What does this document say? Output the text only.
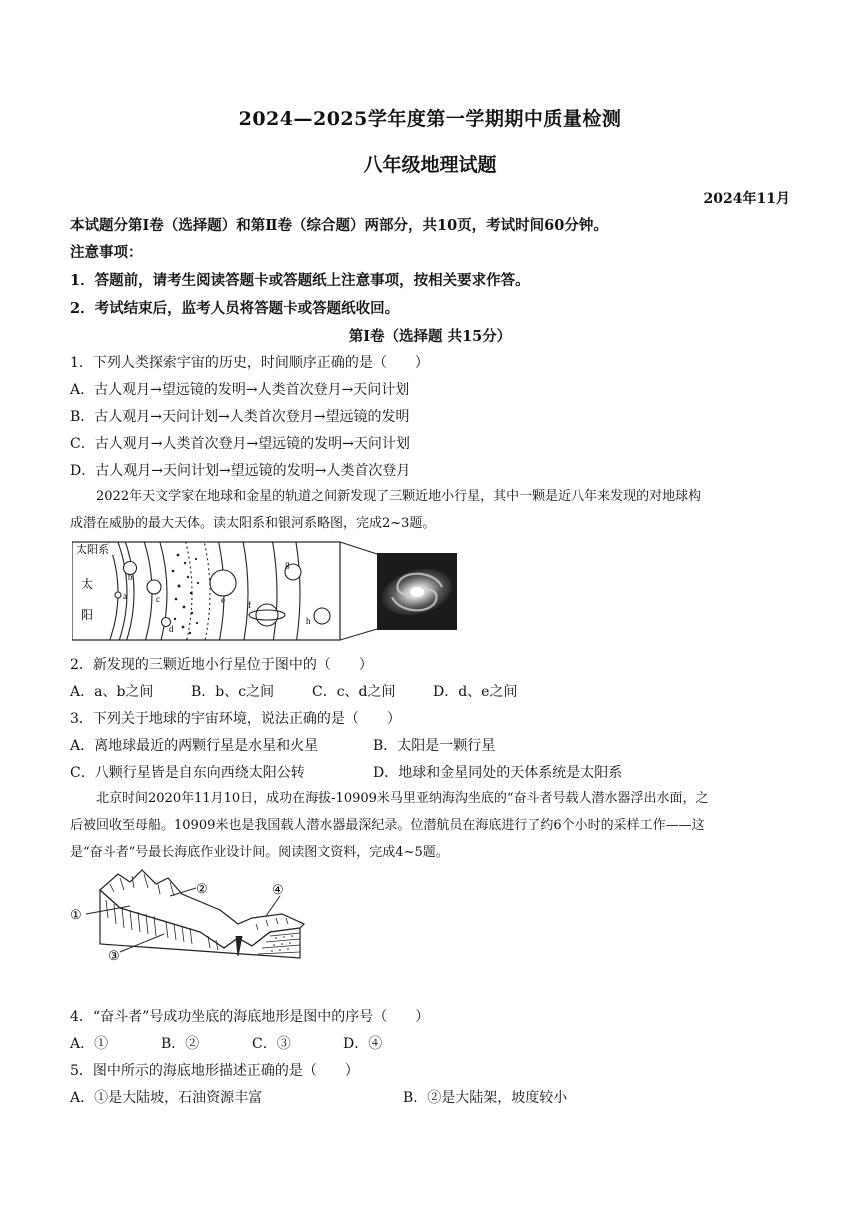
2024—2025学年度第一学期期中质量检测
八年级地理试题
2024年11月
本试题分第Ⅰ卷（选择题）和第Ⅱ卷（综合题）两部分，共10页，考试时间60分钟。
注意事项：
1．答题前，请考生阅读答题卡或答题纸上注意事项，按相关要求作答。
2．考试结束后，监考人员将答题卡或答题纸收回。
第Ⅰ卷（选择题 共15分）
1．下列人类探索宇宙的历史，时间顺序正确的是（　　）
A．古人观月→望远镜的发明→人类首次登月→天问计划
B．古人观月→天问计划→人类首次登月→望远镜的发明
C．古人观月→人类首次登月→望远镜的发明→天问计划
D．古人观月→天问计划→望远镜的发明→人类首次登月
2022年天文学家在地球和金星的轨道之间新发现了三颗近地小行星，其中一颗是近八年来发现的对地球构
成潜在威胁的最大天体。读太阳系和银河系略图，完成2~3题。
太阳系
太
阳
a
b
c
d
e	f
g
h
2．新发现的三颗近地小行星位于图中的（　　）
A．a、b之间	B．b、c之间	C．c、d之间	D．d、e之间
3．下列关于地球的宇宙环境，说法正确的是（　　）
A．离地球最近的两颗行星是水星和火星	B．太阳是一颗行星
C．八颗行星皆是自东向西绕太阳公转	D．地球和金星同处的天体系统是太阳系
北京时间2020年11月10日，成功在海拔-10909米马里亚纳海沟坐底的“奋斗者号载人潜水器浮出水面，之
后被回收至母船。10909米也是我国载人潜水器最深纪录。位潜航员在海底进行了约6个小时的采样工作——这
是“奋斗者”号最长海底作业设计间。阅读图文资料，完成4~5题。
①
②
③
④
4．“奋斗者”号成功坐底的海底地形是图中的序号（　　）
A．①	B．②	C．③	D．④
5．图中所示的海底地形描述正确的是（　　）
A．①是大陆坡，石油资源丰富	B．②是大陆架，坡度较小
